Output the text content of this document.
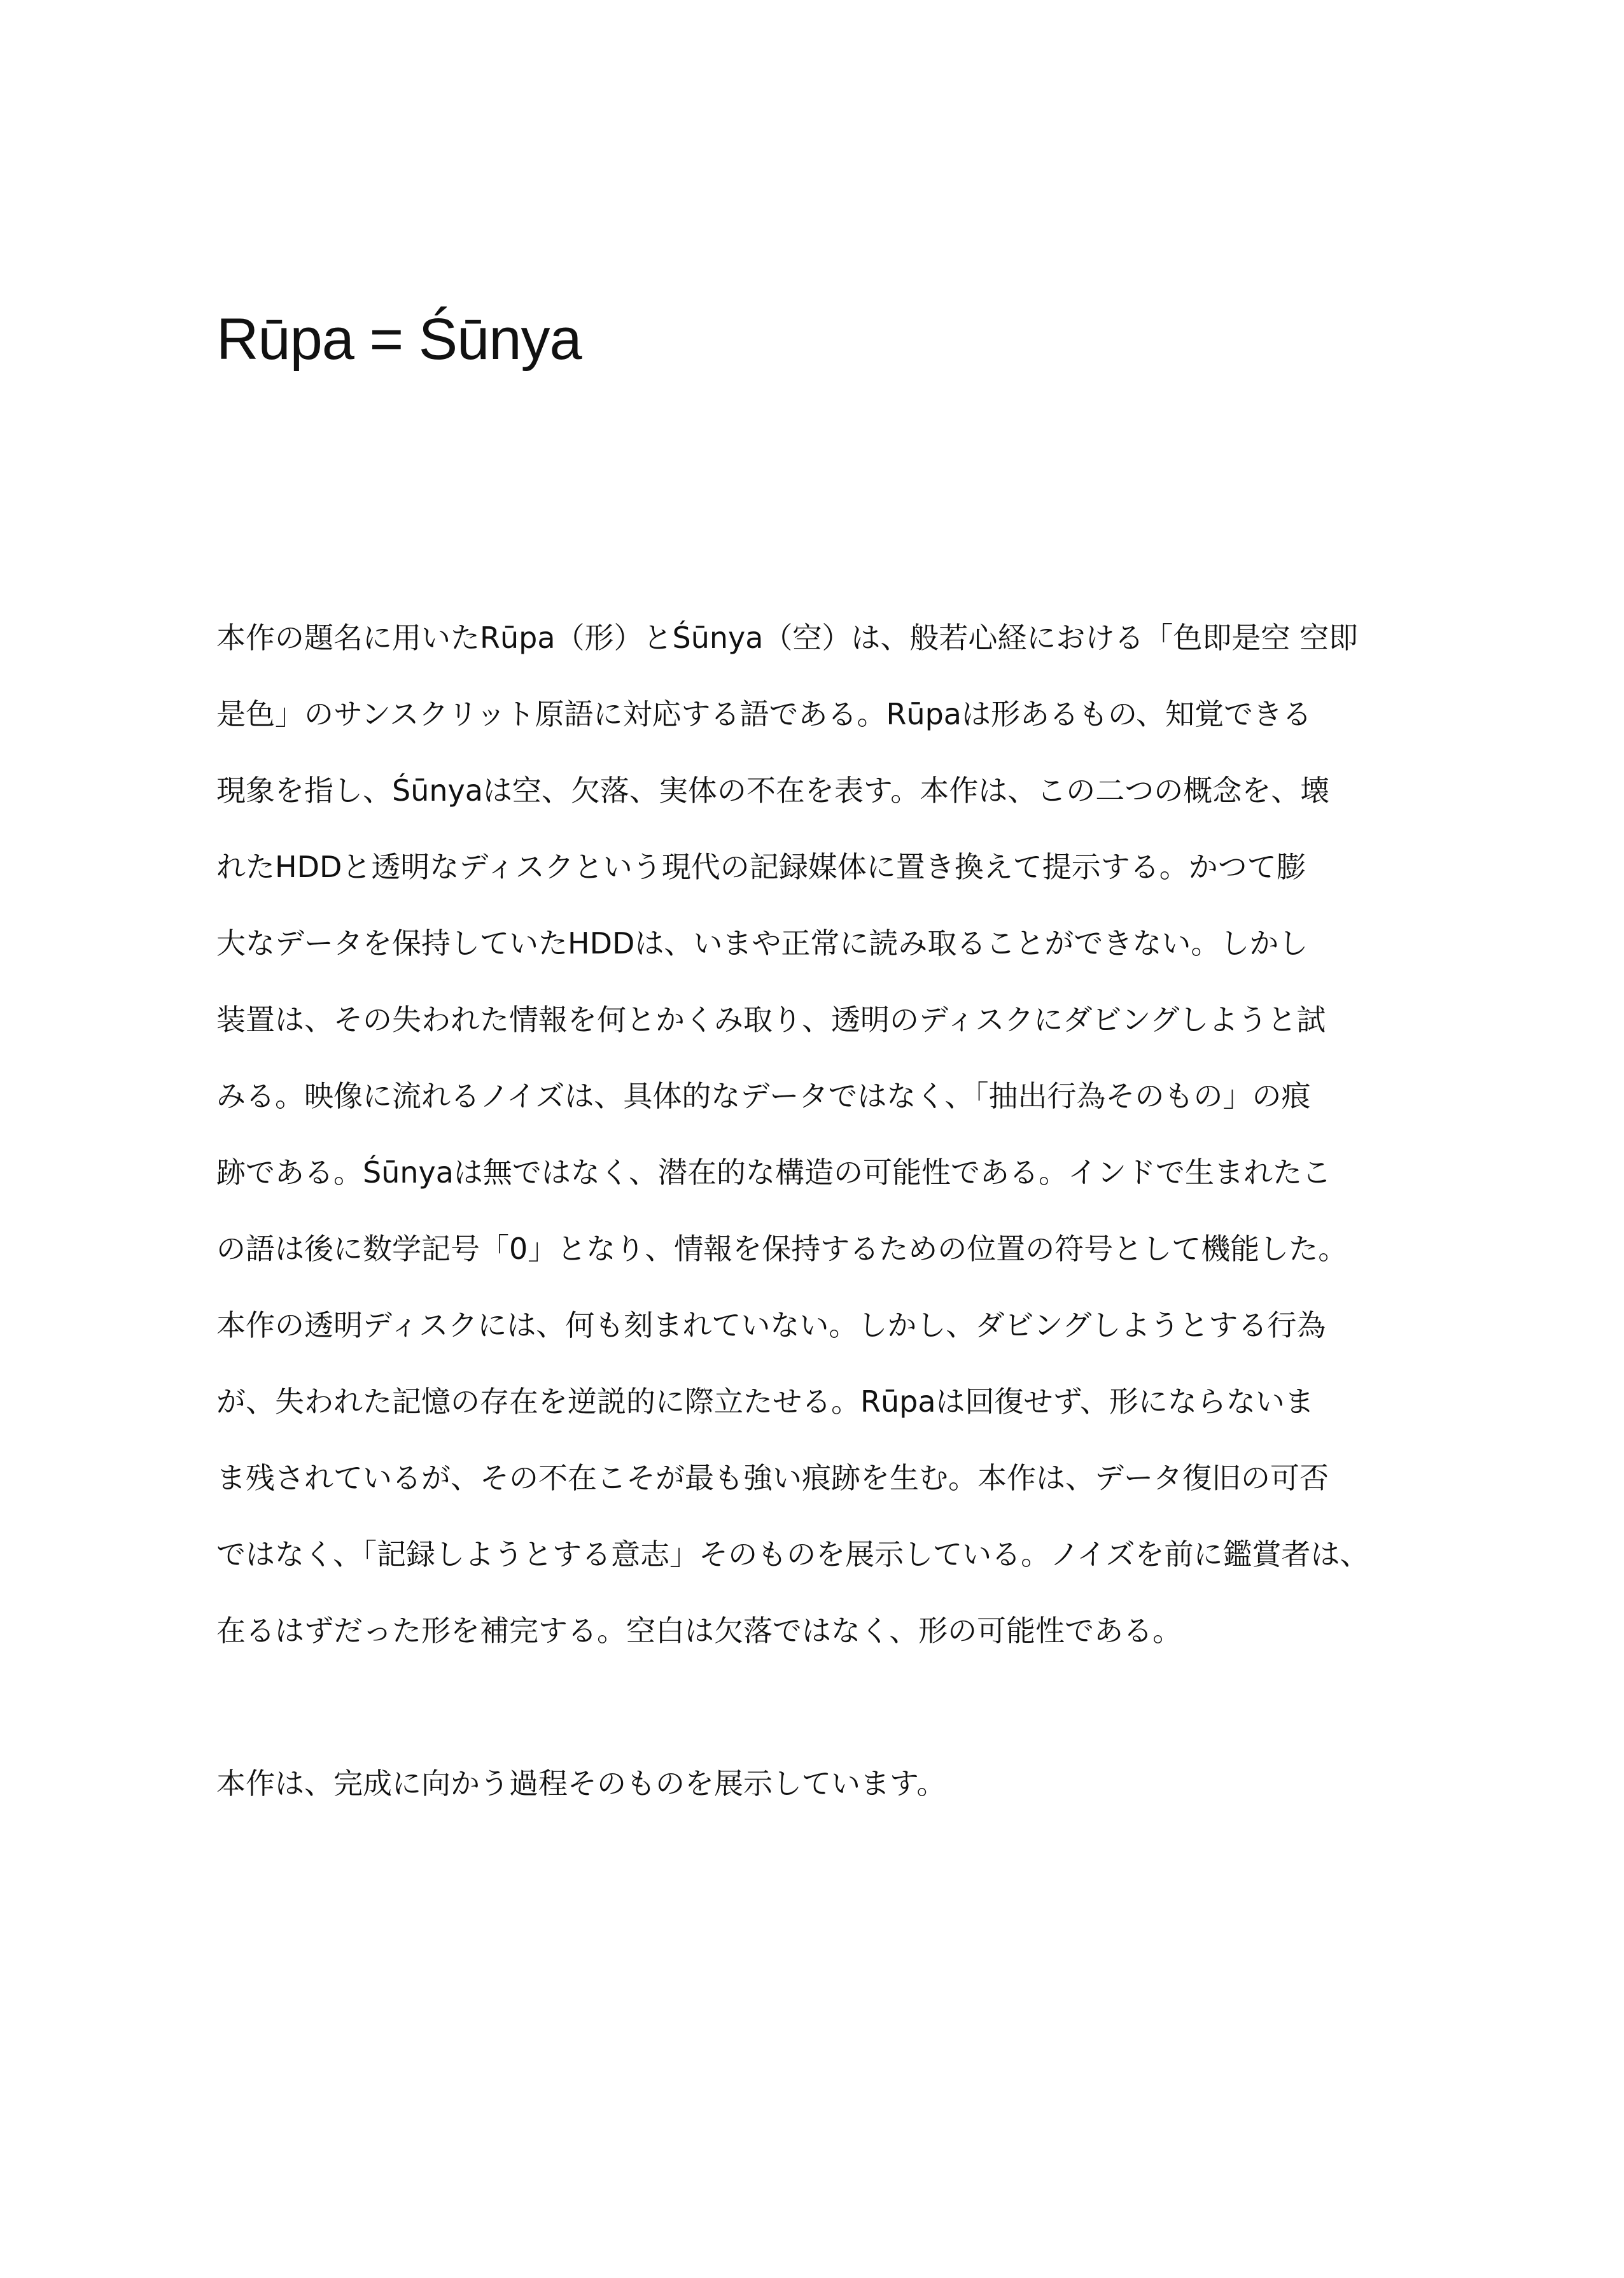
Rūpa = Śūnya
本作の題名に用いたRūpa（形）とŚūnya（空）は、般若心経における「色即是空 空即
是色」のサンスクリット原語に対応する語である。Rūpaは形あるもの、知覚できる
現象を指し、Śūnyaは空、欠落、実体の不在を表す。本作は、この二つの概念を、壊
れたHDDと透明なディスクという現代の記録媒体に置き換えて提示する。かつて膨
大なデータを保持していたHDDは、いまや正常に読み取ることができない。しかし
装置は、その失われた情報を何とかくみ取り、透明のディスクにダビングしようと試
みる。映像に流れるノイズは、具体的なデータではなく、「抽出行為そのもの」の痕
跡である。Śūnyaは無ではなく、潜在的な構造の可能性である。インドで生まれたこ
の語は後に数学記号「0」となり、情報を保持するための位置の符号として機能した。
本作の透明ディスクには、何も刻まれていない。しかし、ダビングしようとする行為
が、失われた記憶の存在を逆説的に際立たせる。Rūpaは回復せず、形にならないま
ま残されているが、その不在こそが最も強い痕跡を生む。本作は、データ復旧の可否
ではなく、「記録しようとする意志」そのものを展示している。ノイズを前に鑑賞者は、
在るはずだった形を補完する。空白は欠落ではなく、形の可能性である。

本作は、完成に向かう過程そのものを展示しています。
